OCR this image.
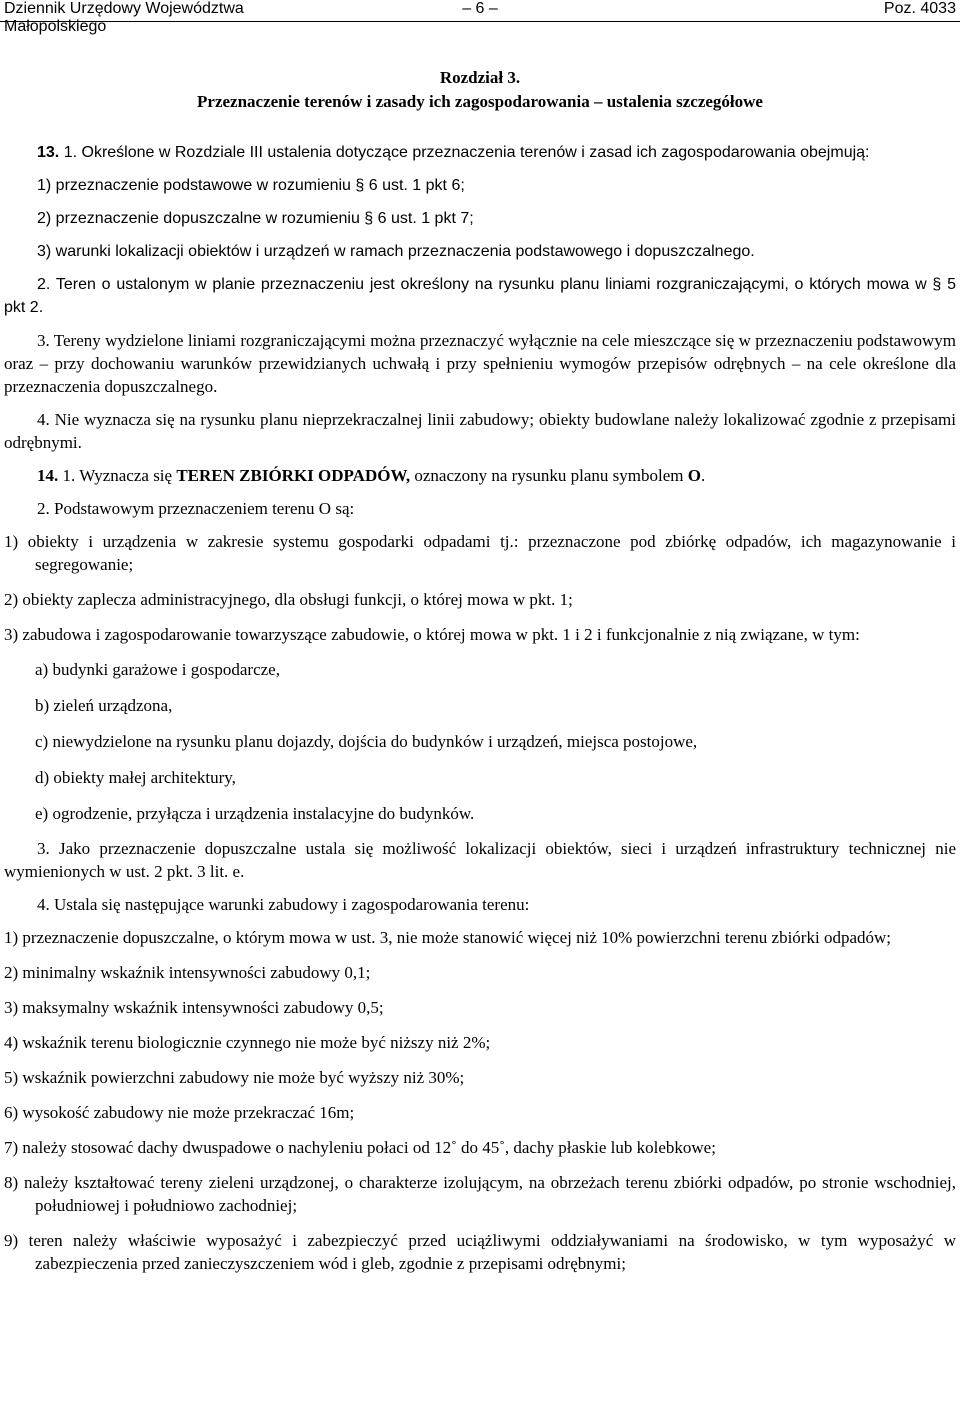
Dziennik Urzędowy Województwa Małopolskiego
– 6 –	Poz. 4033
Rozdział 3.
Przeznaczenie terenów i zasady ich zagospodarowania – ustalenia szczegółowe

13. 1. Określone w Rozdziale III ustalenia dotyczące przeznaczenia terenów i zasad ich zagospodarowania obejmują:

1) przeznaczenie podstawowe w rozumieniu § 6 ust. 1 pkt 6;

2) przeznaczenie dopuszczalne w rozumieniu § 6 ust. 1 pkt 7;

3) warunki lokalizacji obiektów i urządzeń w ramach przeznaczenia podstawowego i dopuszczalnego.

2. Teren o ustalonym w planie przeznaczeniu jest określony na rysunku planu liniami rozgraniczającymi, o których mowa w § 5 pkt 2.

3. Tereny wydzielone liniami rozgraniczającymi można przeznaczyć wyłącznie na cele mieszczące się w przeznaczeniu podstawowym oraz – przy dochowaniu warunków przewidzianych uchwałą i przy spełnieniu wymogów przepisów odrębnych – na cele określone dla przeznaczenia dopuszczalnego.

4. Nie wyznacza się na rysunku planu nieprzekraczalnej linii zabudowy; obiekty budowlane należy lokalizować zgodnie z przepisami odrębnymi.

14. 1. Wyznacza się TEREN ZBIÓRKI ODPADÓW, oznaczony na rysunku planu symbolem O.

2. Podstawowym przeznaczeniem terenu O są:

1) obiekty i urządzenia w zakresie systemu gospodarki odpadami tj.: przeznaczone pod zbiórkę odpadów, ich magazynowanie i segregowanie;

2) obiekty zaplecza administracyjnego, dla obsługi funkcji, o której mowa w pkt. 1;

3) zabudowa i zagospodarowanie towarzyszące zabudowie, o której mowa w pkt. 1 i 2 i funkcjonalnie z nią związane, w tym:

a) budynki garażowe i gospodarcze,

b) zieleń urządzona,

c) niewydzielone na rysunku planu dojazdy, dojścia do budynków i urządzeń, miejsca postojowe,

d) obiekty małej architektury,

e) ogrodzenie, przyłącza i urządzenia instalacyjne do budynków.

3. Jako przeznaczenie dopuszczalne ustala się możliwość lokalizacji obiektów, sieci i urządzeń infrastruktury technicznej nie wymienionych w ust. 2 pkt. 3 lit. e.

4. Ustala się następujące warunki zabudowy i zagospodarowania terenu:

1) przeznaczenie dopuszczalne, o którym mowa w ust. 3, nie może stanowić więcej niż 10% powierzchni terenu zbiórki odpadów;

2) minimalny wskaźnik intensywności zabudowy 0,1;

3) maksymalny wskaźnik intensywności zabudowy 0,5;

4) wskaźnik terenu biologicznie czynnego nie może być niższy niż 2%;

5) wskaźnik powierzchni zabudowy nie może być wyższy niż 30%;

6) wysokość zabudowy nie może przekraczać 16m;

7) należy stosować dachy dwuspadowe o nachyleniu połaci od 12˚ do 45˚, dachy płaskie lub kolebkowe;

8) należy kształtować tereny zieleni urządzonej, o charakterze izolującym, na obrzeżach terenu zbiórki odpadów, po stronie wschodniej, południowej i południowo zachodniej;

9) teren należy właściwie wyposażyć i zabezpieczyć przed uciążliwymi oddziaływaniami na środowisko, w tym wyposażyć w zabezpieczenia przed zanieczyszczeniem wód i gleb, zgodnie z przepisami odrębnymi;
